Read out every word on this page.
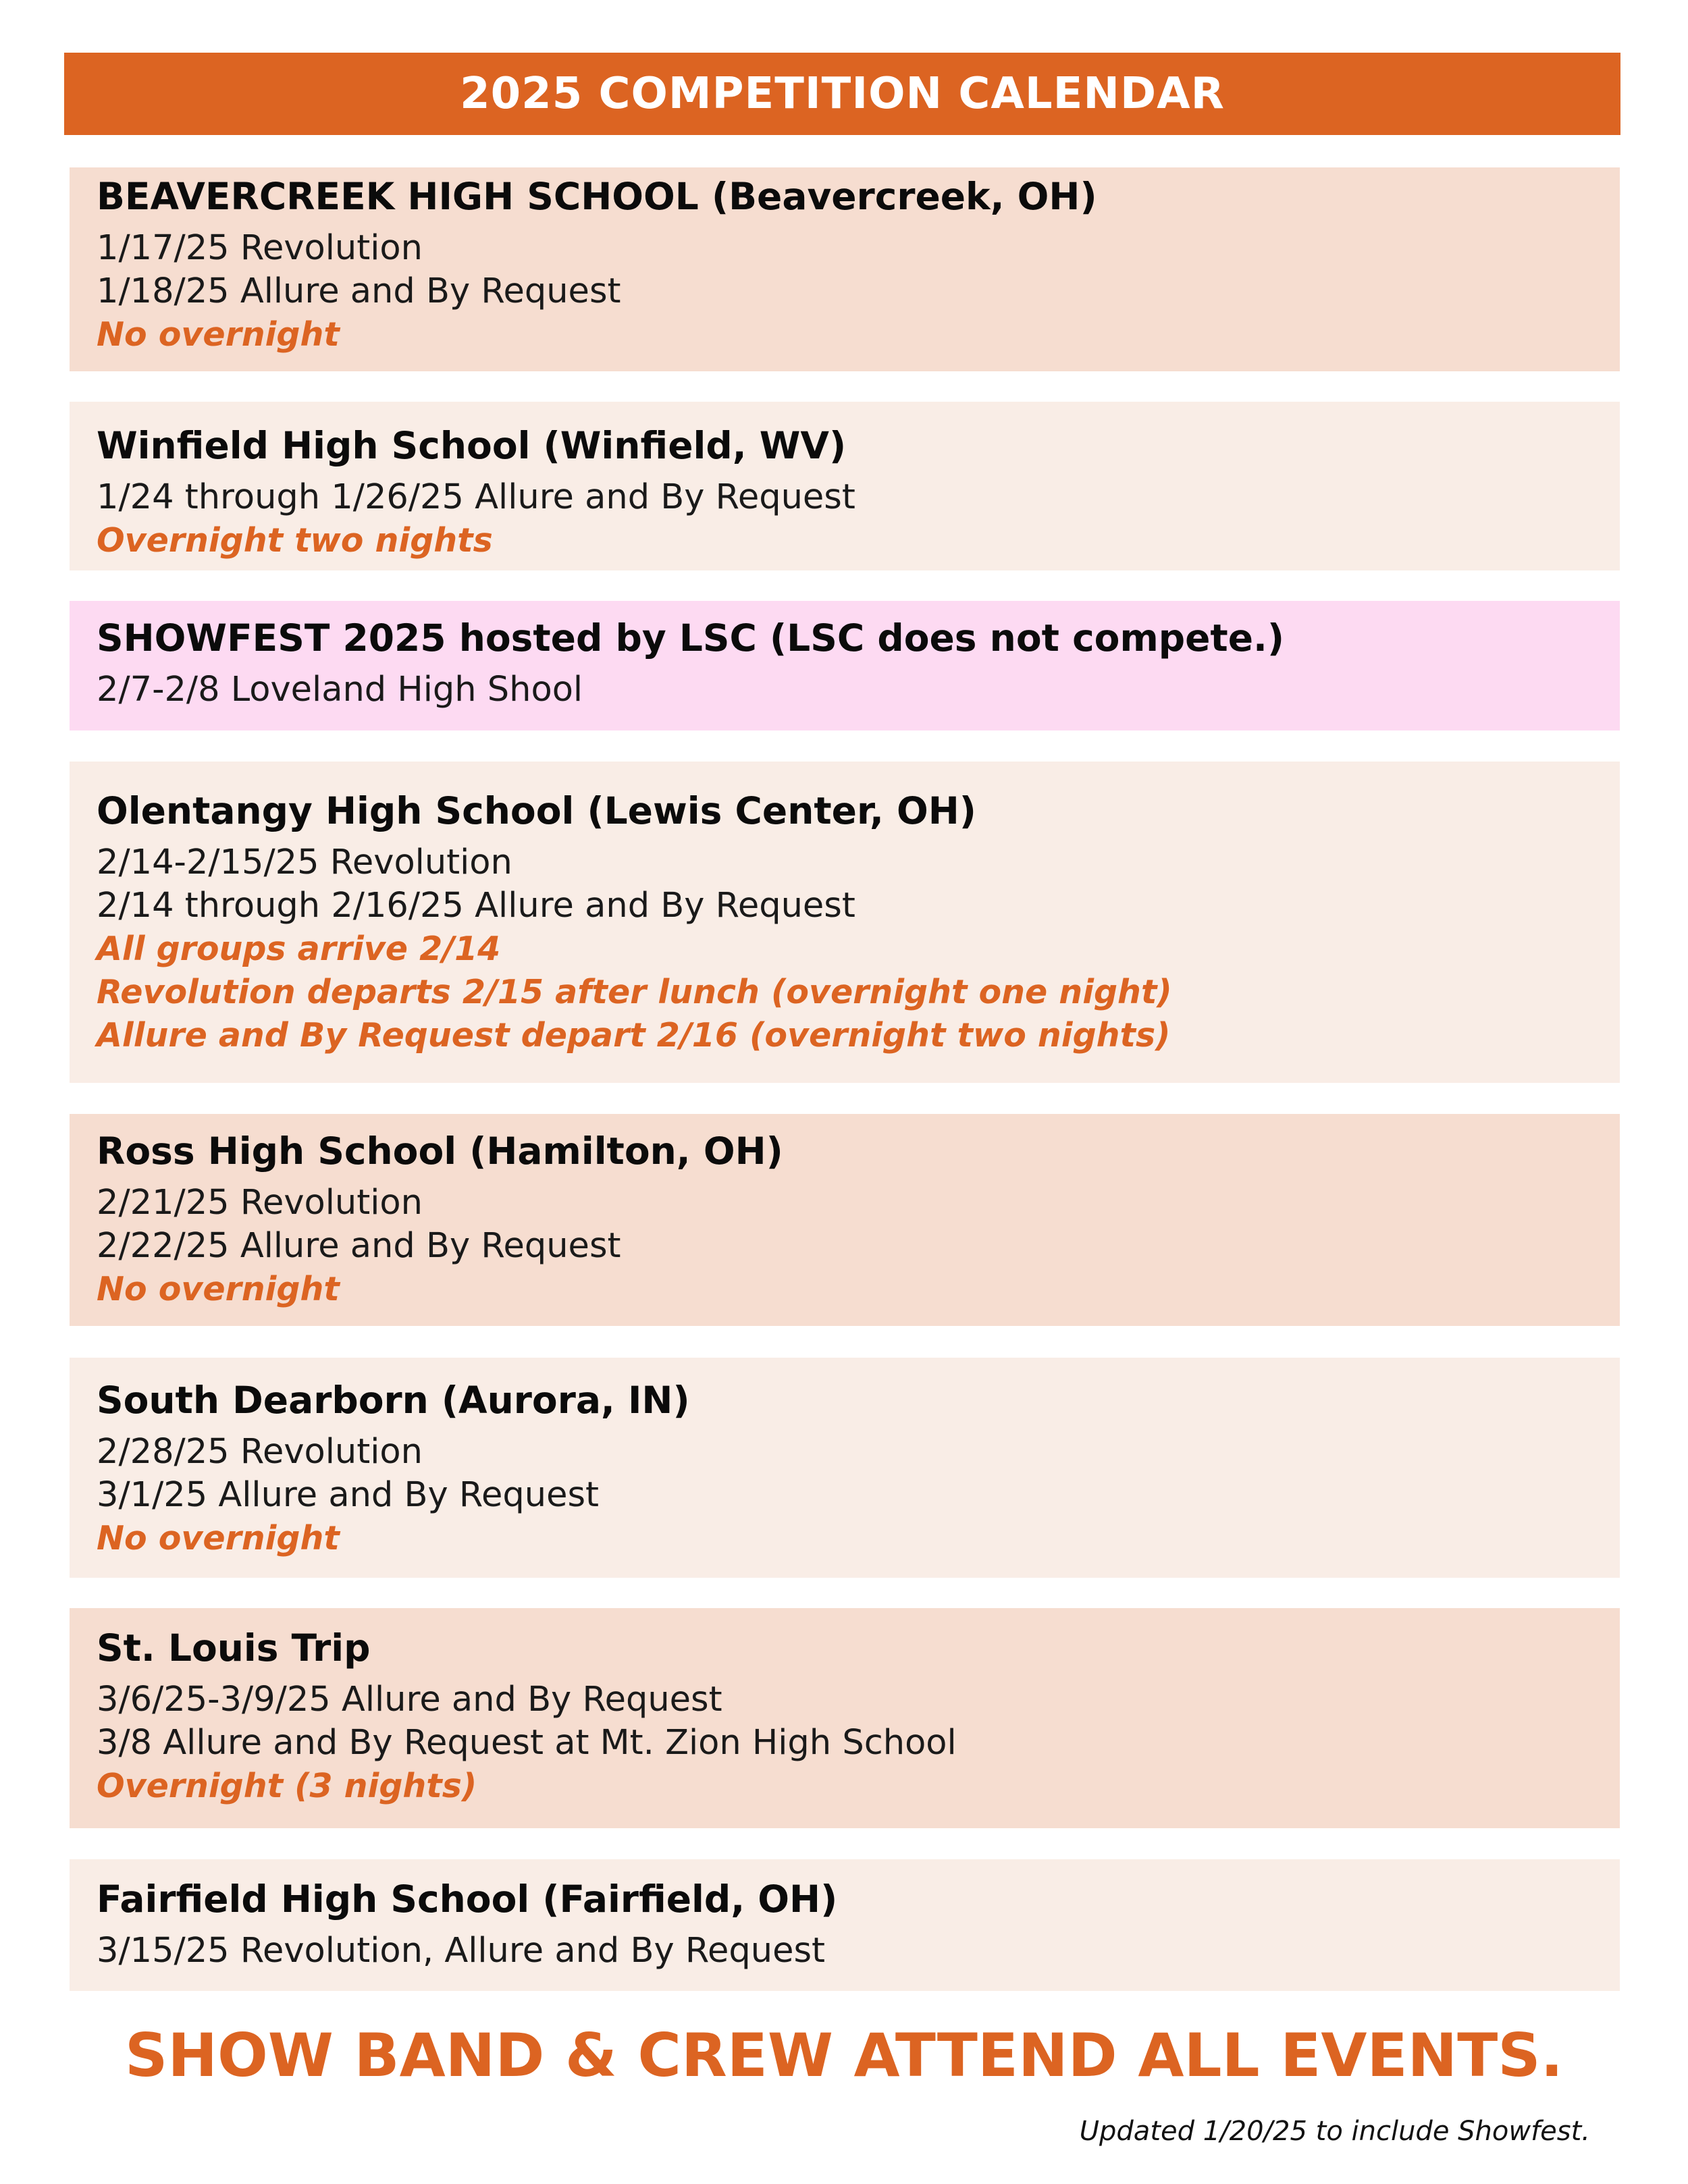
2025 COMPETITION CALENDAR
BEAVERCREEK HIGH SCHOOL (Beavercreek, OH)
1/17/25 Revolution
1/18/25 Allure and By Request
No overnight
Winfield High School (Winfield, WV)
1/24 through 1/26/25 Allure and By Request
Overnight two nights
SHOWFEST 2025 hosted by LSC (LSC does not compete.)
2/7-2/8 Loveland High Shool
Olentangy High School (Lewis Center, OH)
2/14-2/15/25 Revolution
2/14 through 2/16/25 Allure and By Request
All groups arrive 2/14
Revolution departs 2/15 after lunch (overnight one night)
Allure and By Request depart 2/16 (overnight two nights)
Ross High School (Hamilton, OH)
2/21/25 Revolution
2/22/25 Allure and By Request
No overnight
South Dearborn (Aurora, IN)
2/28/25 Revolution
3/1/25 Allure and By Request
No overnight
St. Louis Trip
3/6/25-3/9/25 Allure and By Request
3/8 Allure and By Request at Mt. Zion High School
Overnight (3 nights)
Fairfield High School (Fairfield, OH)
3/15/25 Revolution, Allure and By Request
SHOW BAND & CREW ATTEND ALL EVENTS.
Updated 1/20/25 to include Showfest.
